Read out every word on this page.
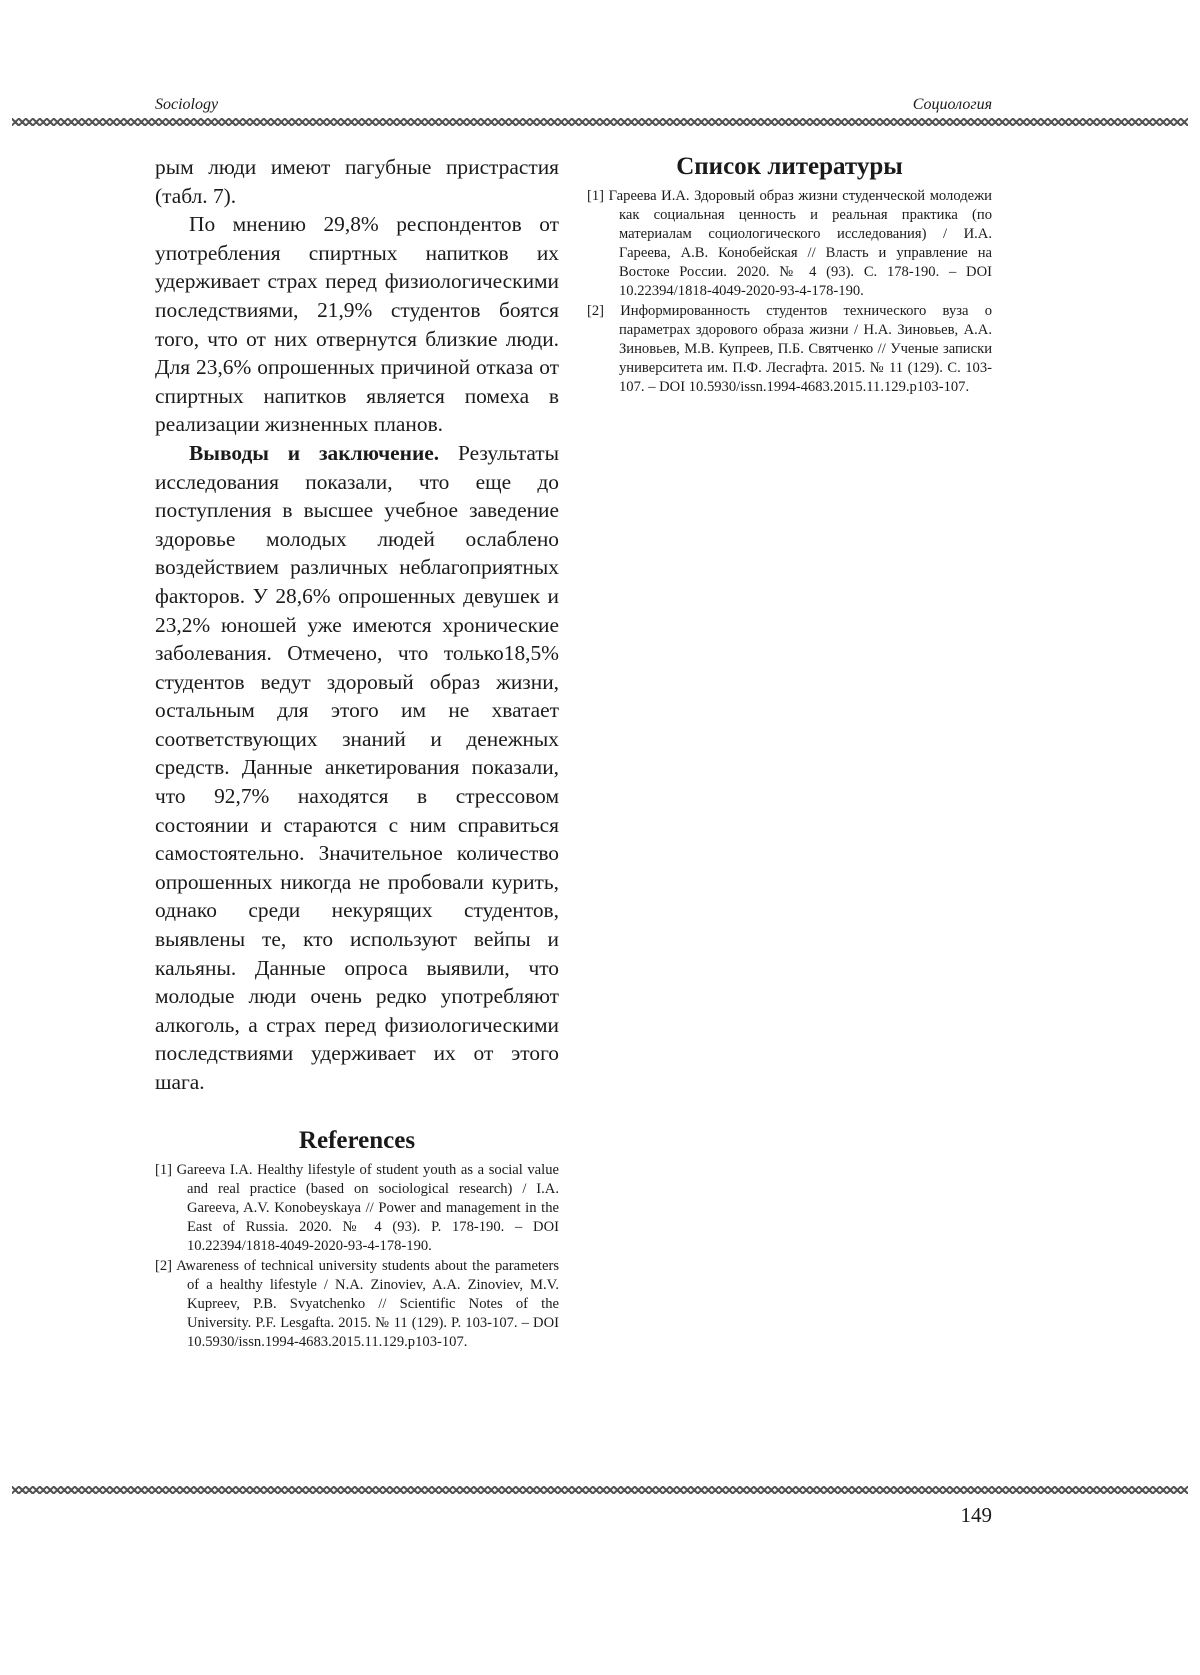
Sociology	Социология

рым люди имеют пагубные пристрастия (табл. 7).

По мнению 29,8% респондентов от употребления спиртных напитков их удерживает страх перед физиологическими последствиями, 21,9% студентов боятся того, что от них отвернутся близкие люди. Для 23,6% опрошенных причиной отказа от спиртных напитков является помеха в реализации жизненных планов.

Выводы и заключение. Результаты исследования показали, что еще до поступления в высшее учебное заведение здоровье молодых людей ослаблено воздействием различных неблагоприятных факторов. У 28,6% опрошенных девушек и 23,2% юношей уже имеются хронические заболевания. Отмечено, что только18,5% студентов ведут здоровый образ жизни, остальным для этого им не хватает соответствующих знаний и денежных средств. Данные анкетирования показали, что 92,7% находятся в стрессовом состоянии и стараются с ним справиться самостоятельно. Значительное количество опрошенных никогда не пробовали курить, однако среди некурящих студентов, выявлены те, кто используют вейпы и кальяны. Данные опроса выявили, что молодые люди очень редко употребляют алкоголь, а страх перед физиологическими последствиями удерживает их от этого шага.

References
[1] Gareeva I.A. Healthy lifestyle of student youth as a social value and real practice (based on sociological research) / I.A. Gareeva, A.V. Konobeyskaya // Power and management in the East of Russia. 2020. № 4 (93). P. 178-190. – DOI 10.22394/1818-4049-2020-93-4-178-190.
[2] Awareness of technical university students about the parameters of a healthy lifestyle / N.A. Zinoviev, A.A. Zinoviev, M.V. Kupreev, P.B. Svyatchenko // Scientific Notes of the University. P.F. Lesgafta. 2015. № 11 (129). P. 103-107. – DOI 10.5930/issn.1994-4683.2015.11.129.p103-107.
Список литературы
[1] Гареева И.А. Здоровый образ жизни студенческой молодежи как социальная ценность и реальная практика (по материалам социологического исследования) / И.А. Гареева, А.В. Конобейская // Власть и управление на Востоке России. 2020. № 4 (93). С. 178-190. – DOI 10.22394/1818-4049-2020-93-4-178-190.
[2] Информированность студентов технического вуза о параметрах здорового образа жизни / Н.А. Зиновьев, А.А. Зиновьев, М.В. Купреев, П.Б. Святченко // Ученые записки университета им. П.Ф. Лесгафта. 2015. № 11 (129). С. 103-107. – DOI 10.5930/issn.1994-4683.2015.11.129.p103-107.
149
